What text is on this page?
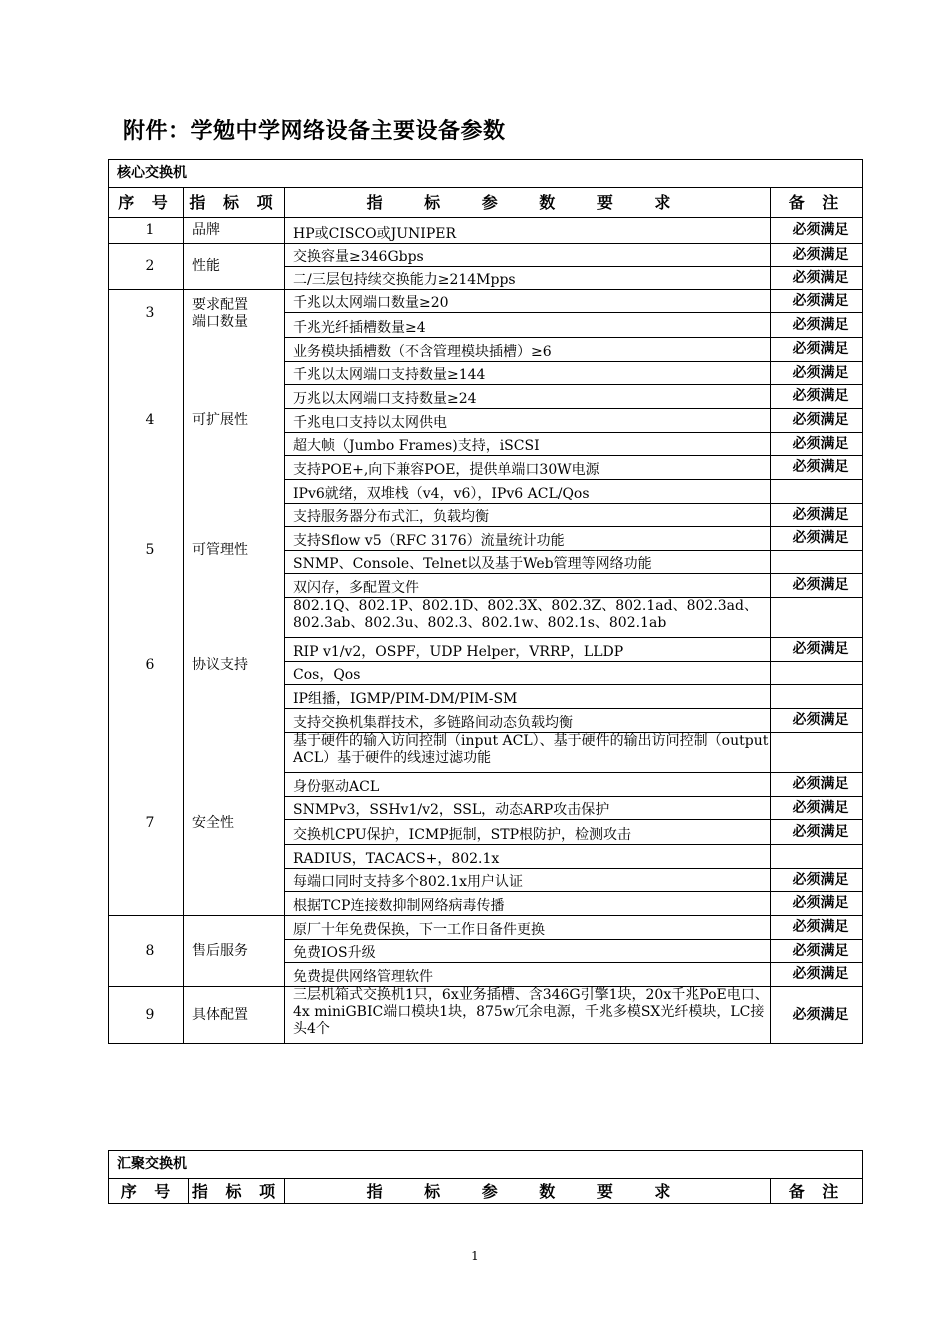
附件：学勉中学网络设备主要设备参数
核心交换机			
序 号	指 标 项	指 标 参 数 要 求	备 注
1	品牌	HP或CISCO或JUNIPER	必须满足
2	性能	交换容量≥346Gbps	必须满足
		二/三层包持续交换能力≥214Mpps	必须满足
3	要求配置端口数量	千兆以太网端口数量≥20	必须满足
		千兆光纤插槽数量≥4	必须满足
4	可扩展性	业务模块插槽数（不含管理模块插槽）≥6	必须满足
		千兆以太网端口支持数量≥144	必须满足
		万兆以太网端口支持数量≥24	必须满足
		千兆电口支持以太网供电	必须满足
		超大帧（Jumbo Frames)支持，iSCSI	必须满足
		支持POE+,向下兼容POE，提供单端口30W电源	必须满足
		IPv6就绪，双堆栈（v4，v6），IPv6 ACL/Qos	
5	可管理性	支持服务器分布式汇，负载均衡	必须满足
		支持Sflow v5（RFC 3176）流量统计功能	必须满足
		SNMP、Console、Telnet以及基于Web管理等网络功能	
		双闪存，多配置文件	必须满足
6	协议支持	802.1Q、802.1P、802.1D、802.3X、802.3Z、802.1ad、802.3ad、802.3ab、802.3u、802.3、802.1w、802.1s、802.1ab	
		RIP v1/v2，OSPF，UDP Helper，VRRP，LLDP	必须满足
		Cos，Qos	
		IP组播，IGMP/PIM-DM/PIM-SM	
		支持交换机集群技术，多链路间动态负载均衡	必须满足
7	安全性	基于硬件的输入访问控制（input ACL）、基于硬件的输出访问控制（output ACL）基于硬件的线速过滤功能	
		身份驱动ACL	必须满足
		SNMPv3，SSHv1/v2，SSL，动态ARP攻击保护	必须满足
		交换机CPU保护，ICMP扼制，STP根防护，检测攻击	必须满足
		RADIUS，TACACS+，802.1x	
		每端口同时支持多个802.1x用户认证	必须满足
		根据TCP连接数抑制网络病毒传播	必须满足
8	售后服务	原厂十年免费保换，下一工作日备件更换	必须满足
		免费IOS升级	必须满足
		免费提供网络管理软件	必须满足
9	具体配置	三层机箱式交换机1只，6x业务插槽、含346G引擎1块，20x千兆PoE电口、4x miniGBIC端口模块1块，875w冗余电源，千兆多模SX光纤模块，LC接头4个	必须满足
汇聚交换机
序 号	指 标 项	指 标 参 数 要 求	备 注
1
